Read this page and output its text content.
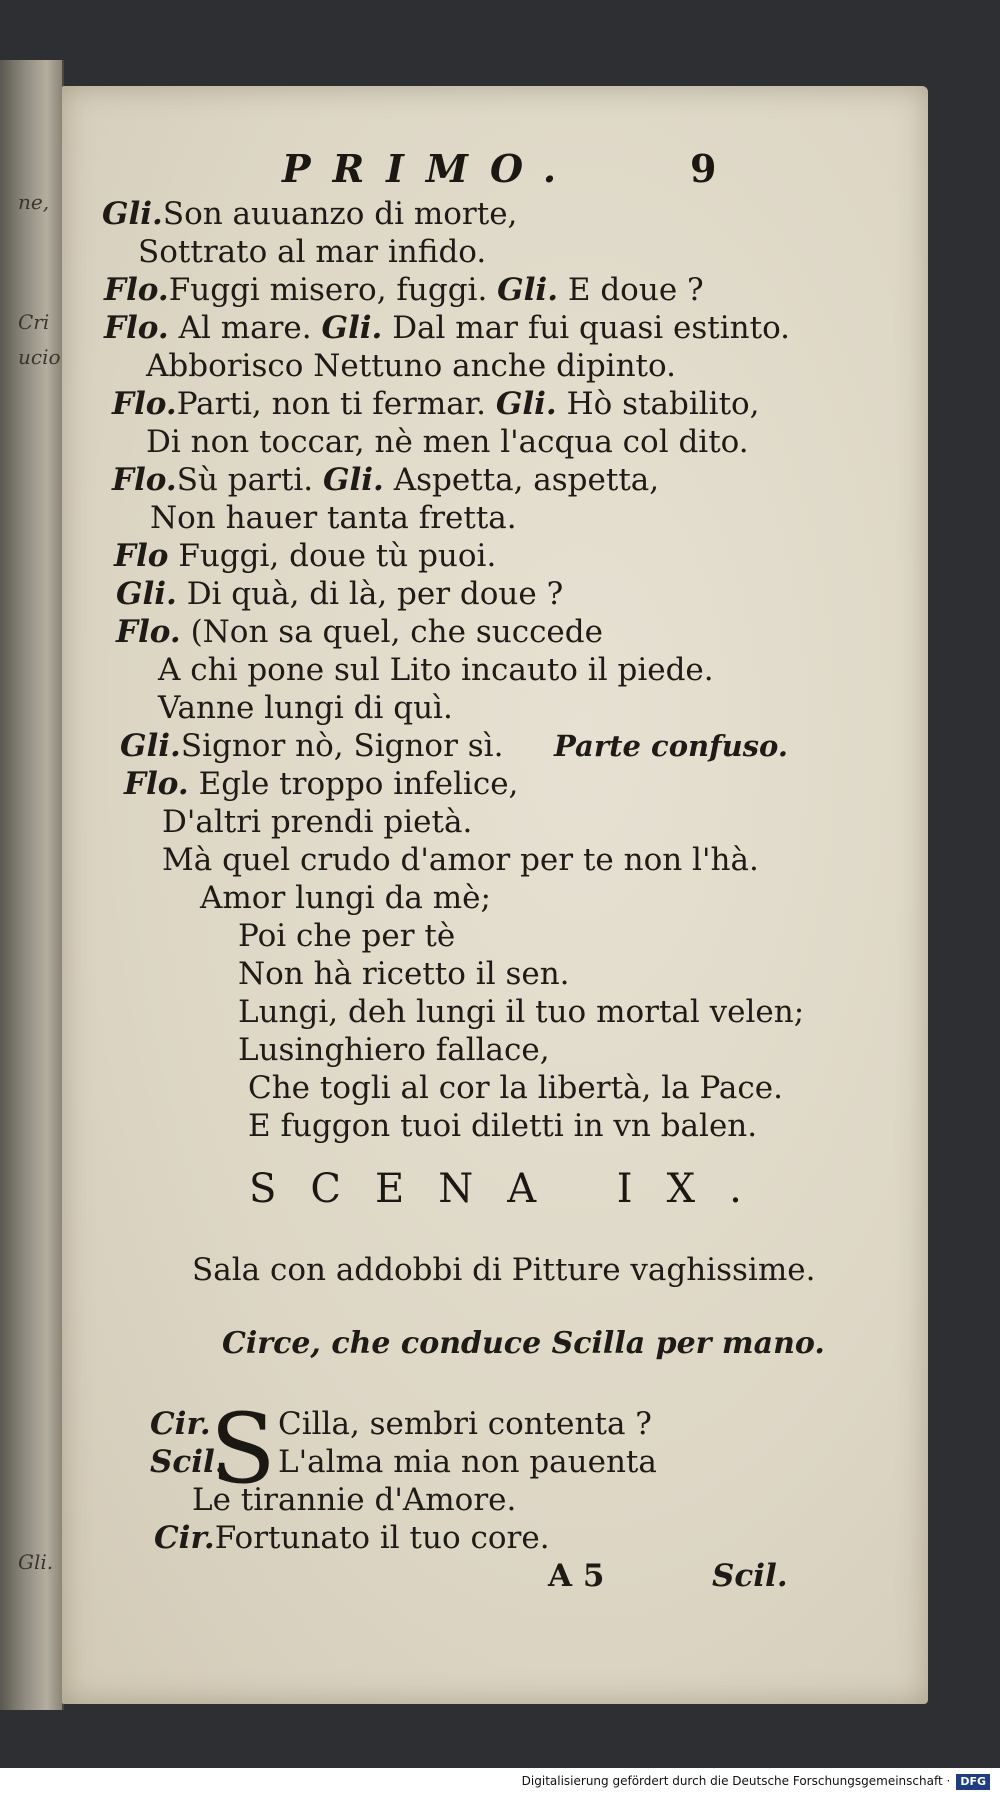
ne,
Cri
ucio
Gli.
PRIMO.	9
Gli.Son auuanzo di morte,
Sottrato al mar infido.
Flo.Fuggi misero, fuggi. Gli. E doue ?
Flo. Al mare. Gli. Dal mar fui quasi estinto.
Abborisco Nettuno anche dipinto.
Flo.Parti, non ti fermar. Gli. Hò stabilito,
Di non toccar, nè men l'acqua col dito.
Flo.Sù parti. Gli. Aspetta, aspetta,
Non hauer tanta fretta.
Flo Fuggi, doue tù puoi.
Gli. Di quà, di là, per doue ?
Flo. (Non sa quel, che succede
A chi pone sul Lito incauto il piede.
Vanne lungi di quì.
Gli.Signor nò, Signor sì. Parte confuso.
Flo. Egle troppo infelice,
D'altri prendi pietà.
Mà quel crudo d'amor per te non l'hà.
Amor lungi da mè;
Poi che per tè
Non hà ricetto il sen.
Lungi, deh lungi il tuo mortal velen;
Lusinghiero fallace,
Che togli al cor la libertà, la Pace.
E fuggon tuoi diletti in vn balen.
SCENA IX.
Sala con addobbi di Pitture vaghissime.
Circe, che conduce Scilla per mano.
Cir. S Cilla, sembri contenta ?
Scil. L'alma mia non pauenta
Le tirannie d'Amore.
Cir.Fortunato il tuo core.
A 5	Scil.
Digitalisierung gefördert durch die Deutsche Forschungsgemeinschaft · DFG
